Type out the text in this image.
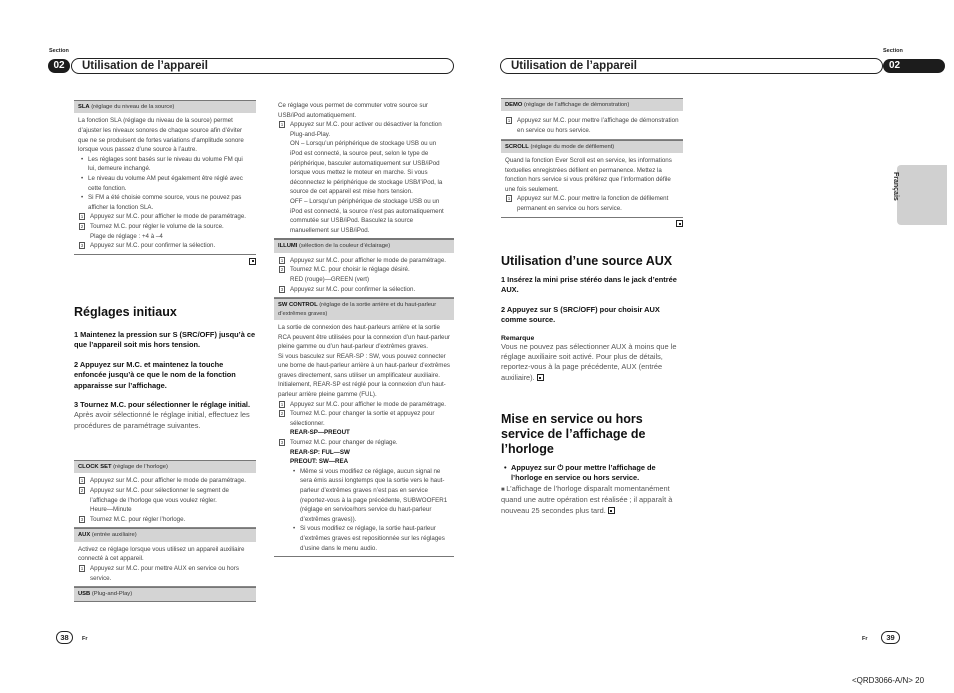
Section
02	Utilisation de l’appareil
Section
Utilisation de l’appareil	02
SLA (réglage du niveau de la source)

La fonction SLA (réglage du niveau de la source) permet d’ajuster les niveaux sonores de chaque source afin d’éviter que ne se produisent de fortes variations d’amplitude sonore lorsque vous passez d’une source à l’autre.

• Les réglages sont basés sur le niveau du volume FM qui lui, demeure inchangé.
• Le niveau du volume AM peut également être réglé avec cette fonction.
• Si FM a été choisie comme source, vous ne pouvez pas afficher la fonction SLA.
1 Appuyez sur M.C. pour afficher le mode de paramétrage.
2 Tournez M.C. pour régler le volume de la source.
Plage de réglage : +4 à –4
3 Appuyez sur M.C. pour confirmer la sélection.
Réglages initiaux
1 Maintenez la pression sur S (SRC/OFF) jusqu’à ce que l’appareil soit mis hors tension.
2 Appuyez sur M.C. et maintenez la touche enfoncée jusqu’à ce que le nom de la fonction apparaisse sur l’affichage.
3 Tournez M.C. pour sélectionner le réglage initial.
Après avoir sélectionné le réglage initial, effectuez les procédures de paramétrage suivantes.
CLOCK SET (réglage de l’horloge)
1 Appuyez sur M.C. pour afficher le mode de paramétrage.
2 Appuyez sur M.C. pour sélectionner le segment de l’affichage de l’horloge que vous voulez régler.
Heure—Minute
3 Tournez M.C. pour régler l’horloge.
AUX (entrée auxiliaire)

Activez ce réglage lorsque vous utilisez un appareil auxiliaire connecté à cet appareil.

1 Appuyez sur M.C. pour mettre AUX en service ou hors service.
USB (Plug-and-Play)

Ce réglage vous permet de commuter votre source sur USB/iPod automatiquement.

1 Appuyez sur M.C. pour activer ou désactiver la fonction Plug-and-Play.
ON – Lorsqu’un périphérique de stockage USB ou un iPod est connecté, la source peut, selon le type de périphérique, basculer automatiquement sur USB/iPod lorsque vous mettez le moteur en marche. Si vous déconnectez le périphérique de stockage USB/l’iPod, la source de cet appareil est mise hors tension.
OFF – Lorsqu’un périphérique de stockage USB ou un iPod est connecté, la source n’est pas automatiquement commutée sur USB/iPod. Basculez la source manuellement sur USB/iPod.
ILLUMI (sélection de la couleur d’éclairage)
1 Appuyez sur M.C. pour afficher le mode de paramétrage.
2 Tournez M.C. pour choisir le réglage désiré.
RED (rouge)—GREEN (vert)
3 Appuyez sur M.C. pour confirmer la sélection.
SW CONTROL (réglage de la sortie arrière et du haut-parleur d’extrêmes graves)

La sortie de connexion des haut-parleurs arrière et la sortie RCA peuvent être utilisées pour la connexion d’un haut-parleur pleine gamme ou d’un haut-parleur d’extrêmes graves.

Si vous basculez sur REAR-SP : SW, vous pouvez connecter une borne de haut-parleur arrière à un haut-parleur d’extrêmes graves directement, sans utiliser un amplificateur auxiliaire.

Initialement, REAR-SP est réglé pour la connexion d’un haut-parleur arrière pleine gamme (FUL).

1 Appuyez sur M.C. pour afficher le mode de paramétrage.
2 Tournez M.C. pour changer la sortie et appuyez pour sélectionner.
REAR-SP—PREOUT
3 Tournez M.C. pour changer de réglage.
REAR-SP: FUL—SW
PREOUT: SW—REA
• Même si vous modifiez ce réglage, aucun signal ne sera émis aussi longtemps que la sortie vers le haut-parleur d’extrêmes graves n’est pas en service (reportez-vous à la page précédente, SUBWOOFER1 (réglage en service/hors service du haut-parleur d’extrêmes graves)).
• Si vous modifiez ce réglage, la sortie haut-parleur d’extrêmes graves est repositionnée sur les réglages d’usine dans le menu audio.
DEMO (réglage de l’affichage de démonstration)
1 Appuyez sur M.C. pour mettre l’affichage de démonstration en service ou hors service.
SCROLL (réglage du mode de défilement)

Quand la fonction Ever Scroll est en service, les informations textuelles enregistrées défilent en permanence. Mettez la fonction hors service si vous préférez que l’information défile une fois seulement.

1 Appuyez sur M.C. pour mettre la fonction de défilement permanent en service ou hors service.
Utilisation d’une source AUX
1 Insérez la mini prise stéréo dans le jack d’entrée AUX.
2 Appuyez sur S (SRC/OFF) pour choisir AUX comme source.
Remarque
Vous ne pouvez pas sélectionner AUX à moins que le réglage auxiliaire soit activé. Pour plus de détails, reportez-vous à la page précédente, AUX (entrée auxiliaire).
Mise en service ou hors service de l’affichage de l’horloge
• Appuyez sur ⏻ pour mettre l’affichage de l’horloge en service ou hors service.
■ L’affichage de l’horloge disparaît momentanément quand une autre opération est réalisée ; il apparaît à nouveau 25 secondes plus tard.
Français
38	Fr	Fr	39
<QRD3066-A/N> 20
